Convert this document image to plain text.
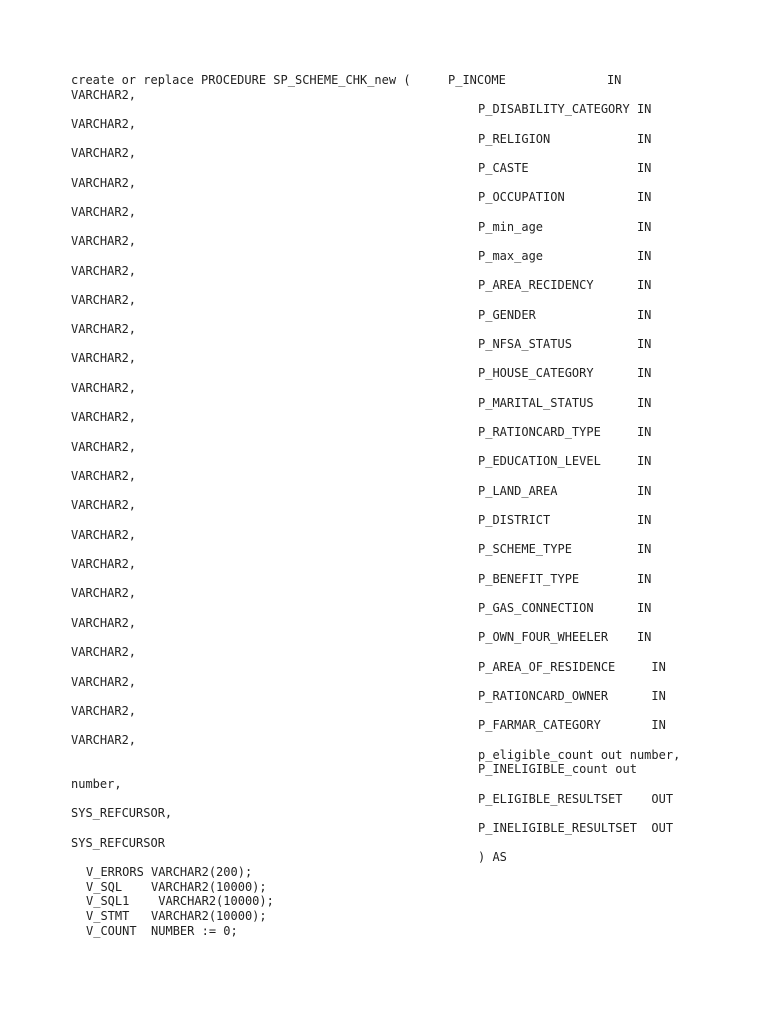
create or replace PROCEDURE SP_SCHEME_CHK_new (	P_INCOME              IN
VARCHAR2,
VARCHAR2,
VARCHAR2,
VARCHAR2,
VARCHAR2,
VARCHAR2,
VARCHAR2,
VARCHAR2,
VARCHAR2,
VARCHAR2,
VARCHAR2,
VARCHAR2,
VARCHAR2,
VARCHAR2,
VARCHAR2,
VARCHAR2,
VARCHAR2,
VARCHAR2,
VARCHAR2,
VARCHAR2,
VARCHAR2,
VARCHAR2,
VARCHAR2,
number,
SYS_REFCURSOR,
SYS_REFCURSOR
P_DISABILITY_CATEGORY IN
P_RELIGION            IN
P_CASTE               IN
P_OCCUPATION          IN
P_min_age             IN
P_max_age             IN
P_AREA_RECIDENCY      IN
P_GENDER              IN
P_NFSA_STATUS         IN
P_HOUSE_CATEGORY      IN
P_MARITAL_STATUS      IN
P_RATIONCARD_TYPE     IN
P_EDUCATION_LEVEL     IN
P_LAND_AREA           IN
P_DISTRICT            IN
P_SCHEME_TYPE         IN
P_BENEFIT_TYPE        IN
P_GAS_CONNECTION      IN
P_OWN_FOUR_WHEELER    IN
P_AREA_OF_RESIDENCE     IN
P_RATIONCARD_OWNER      IN
P_FARMAR_CATEGORY       IN
p_eligible_count out number,
P_INELIGIBLE_count out
P_ELIGIBLE_RESULTSET    OUT
P_INELIGIBLE_RESULTSET  OUT
) AS
V_ERRORS VARCHAR2(200);
V_SQL    VARCHAR2(10000);
V_SQL1    VARCHAR2(10000);
V_STMT   VARCHAR2(10000);
V_COUNT  NUMBER := 0;
